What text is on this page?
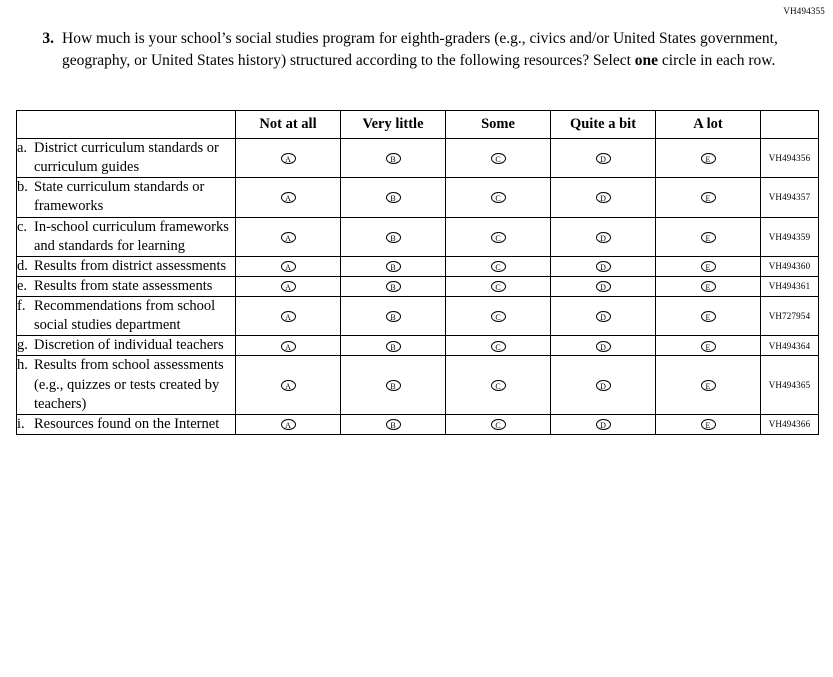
VH494355
3. How much is your school’s social studies program for eighth-graders (e.g., civics and/or United States government, geography, or United States history) structured according to the following resources? Select one circle in each row.
	Not at all	Very little	Some	Quite a bit	A lot	

a. District curriculum standards or curriculum guides	A	B	C	D	E	VH494356

b. State curriculum standards or frameworks	A	B	C	D	E	VH494357

c. In-school curriculum frameworks and standards for learning	A	B	C	D	E	VH494359

d. Results from district assessments	A	B	C	D	E	VH494360

e. Results from state assessments	A	B	C	D	E	VH494361

f. Recommendations from school social studies department	A	B	C	D	E	VH727954

g. Discretion of individual teachers	A	B	C	D	E	VH494364

h. Results from school assessments (e.g., quizzes or tests created by teachers)	A	B	C	D	E	VH494365

i. Resources found on the Internet	A	B	C	D	E	VH494366
